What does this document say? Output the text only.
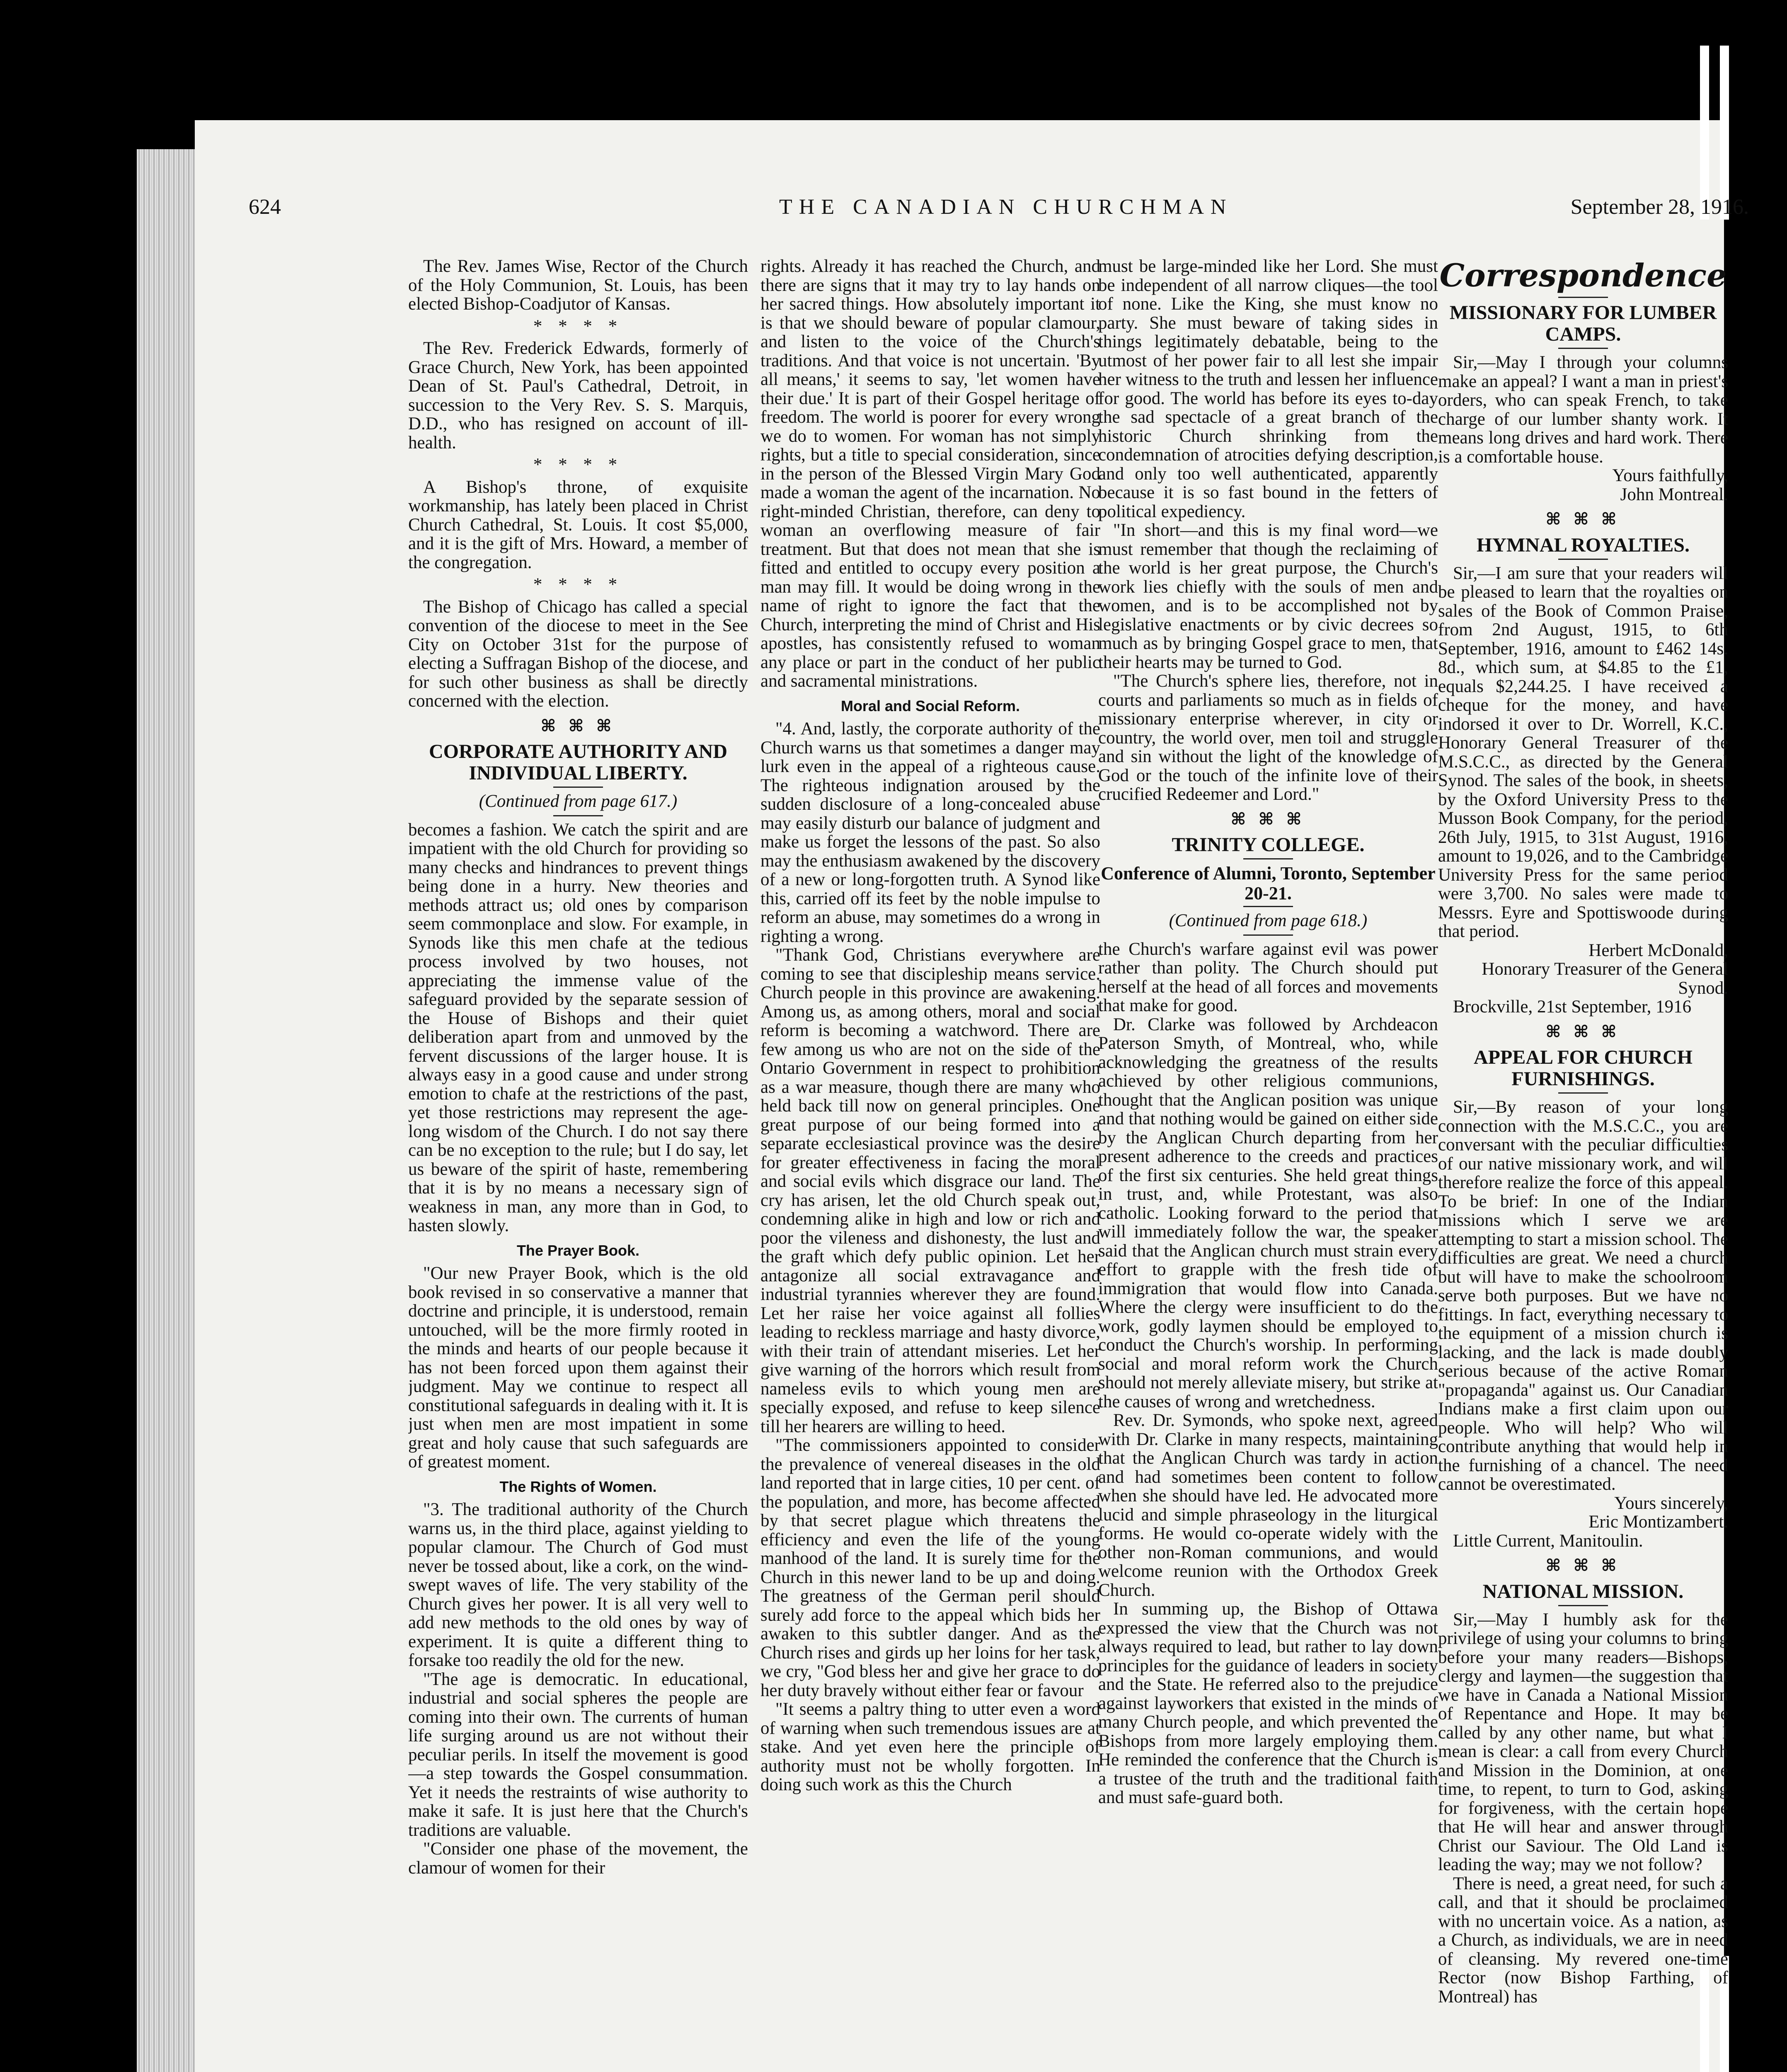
624	THE CANADIAN CHURCHMAN	September 28, 1916.

The Rev. James Wise, Rector of the Church of the Holy Communion, St. Louis, has been elected Bishop-Coadjutor of Kansas.

* * * *

The Rev. Frederick Edwards, formerly of Grace Church, New York, has been appointed Dean of St. Paul's Cathedral, Detroit, in succession to the Very Rev. S. S. Marquis, D.D., who has resigned on account of ill-health.

* * * *

A Bishop's throne, of exquisite workmanship, has lately been placed in Christ Church Cathedral, St. Louis. It cost $5,000, and it is the gift of Mrs. Howard, a member of the congregation.

* * * *

The Bishop of Chicago has called a special convention of the diocese to meet in the See City on October 31st for the purpose of electing a Suffragan Bishop of the diocese, and for such other business as shall be directly concerned with the election.

⌘ ⌘ ⌘
CORPORATE AUTHORITY AND INDIVIDUAL LIBERTY.
(Continued from page 617.)

becomes a fashion. We catch the spirit and are impatient with the old Church for providing so many checks and hindrances to prevent things being done in a hurry. New theories and methods attract us; old ones by comparison seem commonplace and slow. For example, in Synods like this men chafe at the tedious process involved by two houses, not appreciating the immense value of the safeguard provided by the separate session of the House of Bishops and their quiet deliberation apart from and unmoved by the fervent discussions of the larger house. It is always easy in a good cause and under strong emotion to chafe at the restrictions of the past, yet those restrictions may represent the age-long wisdom of the Church. I do not say there can be no exception to the rule; but I do say, let us beware of the spirit of haste, remembering that it is by no means a necessary sign of weakness in man, any more than in God, to hasten slowly.

The Prayer Book.

"Our new Prayer Book, which is the old book revised in so conservative a manner that doctrine and principle, it is understood, remain untouched, will be the more firmly rooted in the minds and hearts of our people because it has not been forced upon them against their judgment. May we continue to respect all constitutional safeguards in dealing with it. It is just when men are most impatient in some great and holy cause that such safeguards are of greatest moment.

The Rights of Women.

"3. The traditional authority of the Church warns us, in the third place, against yielding to popular clamour. The Church of God must never be tossed about, like a cork, on the wind-swept waves of life. The very stability of the Church gives her power. It is all very well to add new methods to the old ones by way of experiment. It is quite a different thing to forsake too readily the old for the new.

"The age is democratic. In educational, industrial and social spheres the people are coming into their own. The currents of human life surging around us are not without their peculiar perils. In itself the movement is good—a step towards the Gospel consummation. Yet it needs the restraints of wise authority to make it safe. It is just here that the Church's traditions are valuable.

"Consider one phase of the movement, the clamour of women for their

rights. Already it has reached the Church, and there are signs that it may try to lay hands on her sacred things. How absolutely important it is that we should beware of popular clamour, and listen to the voice of the Church's traditions. And that voice is not uncertain. 'By all means,' it seems to say, 'let women have their due.' It is part of their Gospel heritage of freedom. The world is poorer for every wrong we do to women. For woman has not simply rights, but a title to special consideration, since in the person of the Blessed Virgin Mary God made a woman the agent of the incarnation. No right-minded Christian, therefore, can deny to woman an overflowing measure of fair treatment. But that does not mean that she is fitted and entitled to occupy every position a man may fill. It would be doing wrong in the name of right to ignore the fact that the Church, interpreting the mind of Christ and His apostles, has consistently refused to woman any place or part in the conduct of her public and sacramental ministrations.

Moral and Social Reform.

"4. And, lastly, the corporate authority of the Church warns us that sometimes a danger may lurk even in the appeal of a righteous cause. The righteous indignation aroused by the sudden disclosure of a long-concealed abuse may easily disturb our balance of judgment and make us forget the lessons of the past. So also may the enthusiasm awakened by the discovery of a new or long-forgotten truth. A Synod like this, carried off its feet by the noble impulse to reform an abuse, may sometimes do a wrong in righting a wrong.

"Thank God, Christians everywhere are coming to see that discipleship means service. Church people in this province are awakening. Among us, as among others, moral and social reform is becoming a watchword. There are few among us who are not on the side of the Ontario Government in respect to prohibition as a war measure, though there are many who held back till now on general principles. One great purpose of our being formed into a separate ecclesiastical province was the desire for greater effectiveness in facing the moral and social evils which disgrace our land. The cry has arisen, let the old Church speak out, condemning alike in high and low or rich and poor the vileness and dishonesty, the lust and the graft which defy public opinion. Let her antagonize all social extravagance and industrial tyrannies wherever they are found. Let her raise her voice against all follies leading to reckless marriage and hasty divorce, with their train of attendant miseries. Let her give warning of the horrors which result from nameless evils to which young men are specially exposed, and refuse to keep silence till her hearers are willing to heed.

"The commissioners appointed to consider the prevalence of venereal diseases in the old land reported that in large cities, 10 per cent. of the population, and more, has become affected by that secret plague which threatens the efficiency and even the life of the young manhood of the land. It is surely time for the Church in this newer land to be up and doing. The greatness of the German peril should surely add force to the appeal which bids her awaken to this subtler danger. And as the Church rises and girds up her loins for her task, we cry, "God bless her and give her grace to do her duty bravely without either fear or favour

"It seems a paltry thing to utter even a word of warning when such tremendous issues are at stake. And yet even here the principle of authority must not be wholly forgotten. In doing such work as this the Church

must be large-minded like her Lord. She must be independent of all narrow cliques—the tool of none. Like the King, she must know no party. She must beware of taking sides in things legitimately debatable, being to the utmost of her power fair to all lest she impair her witness to the truth and lessen her influence for good. The world has before its eyes to-day the sad spectacle of a great branch of the historic Church shrinking from the condemnation of atrocities defying description, and only too well authenticated, apparently because it is so fast bound in the fetters of political expediency.

"In short—and this is my final word—we must remember that though the reclaiming of the world is her great purpose, the Church's work lies chiefly with the souls of men and women, and is to be accomplished not by legislative enactments or by civic decrees so much as by bringing Gospel grace to men, that their hearts may be turned to God.

"The Church's sphere lies, therefore, not in courts and parliaments so much as in fields of missionary enterprise wherever, in city or country, the world over, men toil and struggle and sin without the light of the knowledge of God or the touch of the infinite love of their crucified Redeemer and Lord."

⌘ ⌘ ⌘
TRINITY COLLEGE.
Conference of Alumni, Toronto, September 20-21.
(Continued from page 618.)

the Church's warfare against evil was power rather than polity. The Church should put herself at the head of all forces and movements that make for good.

Dr. Clarke was followed by Archdeacon Paterson Smyth, of Montreal, who, while acknowledging the greatness of the results achieved by other religious communions, thought that the Anglican position was unique and that nothing would be gained on either side by the Anglican Church departing from her present adherence to the creeds and practices of the first six centuries. She held great things in trust, and, while Protestant, was also catholic. Looking forward to the period that will immediately follow the war, the speaker said that the Anglican church must strain every effort to grapple with the fresh tide of immigration that would flow into Canada. Where the clergy were insufficient to do the work, godly laymen should be employed to conduct the Church's worship. In performing social and moral reform work the Church should not merely alleviate misery, but strike at the causes of wrong and wretchedness.

Rev. Dr. Symonds, who spoke next, agreed with Dr. Clarke in many respects, maintaining that the Anglican Church was tardy in action and had sometimes been content to follow when she should have led. He advocated more lucid and simple phraseology in the liturgical forms. He would co-operate widely with the other non-Roman communions, and would welcome reunion with the Orthodox Greek Church.

In summing up, the Bishop of Ottawa expressed the view that the Church was not always required to lead, but rather to lay down principles for the guidance of leaders in society and the State. He referred also to the prejudice against layworkers that existed in the minds of many Church people, and which prevented the Bishops from more largely employing them. He reminded the conference that the Church is a trustee of the truth and the traditional faith and must safe-guard both.

Correspondence
MISSIONARY FOR LUMBER CAMPS.

Sir,—May I through your columns make an appeal? I want a man in priest's orders, who can speak French, to take charge of our lumber shanty work. It means long drives and hard work. There is a comfortable house.

Yours faithfully,

John Montreal.

⌘ ⌘ ⌘
HYMNAL ROYALTIES.

Sir,—I am sure that your readers will be pleased to learn that the royalties on sales of the Book of Common Praise, from 2nd August, 1915, to 6th September, 1916, amount to £462 14s. 8d., which sum, at $4.85 to the £1, equals $2,244.25. I have received a cheque for the money, and have indorsed it over to Dr. Worrell, K.C., Honorary General Treasurer of the M.S.C.C., as directed by the General Synod. The sales of the book, in sheets, by the Oxford University Press to the Musson Book Company, for the period, 26th July, 1915, to 31st August, 1916, amount to 19,026, and to the Cambridge University Press for the same period were 3,700. No sales were made to Messrs. Eyre and Spottiswoode during that period.

Herbert McDonald,

Honorary Treasurer of the General Synod.

Brockville, 21st September, 1916

⌘ ⌘ ⌘
APPEAL FOR CHURCH FURNISHINGS.

Sir,—By reason of your long connection with the M.S.C.C., you are conversant with the peculiar difficulties of our native missionary work, and will therefore realize the force of this appeal. To be brief: In one of the Indian missions which I serve we are attempting to start a mission school. The difficulties are great. We need a church but will have to make the schoolroom serve both purposes. But we have no fittings. In fact, everything necessary to the equipment of a mission church is lacking, and the lack is made doubly serious because of the active Roman "propaganda" against us. Our Canadian Indians make a first claim upon our people. Who will help? Who will contribute anything that would help in the furnishing of a chancel. The need cannot be overestimated.

Yours sincerely,

Eric Montizambert.

Little Current, Manitoulin.

⌘ ⌘ ⌘
NATIONAL MISSION.

Sir,—May I humbly ask for the privilege of using your columns to bring before your many readers—Bishops, clergy and laymen—the suggestion that we have in Canada a National Mission of Repentance and Hope. It may be called by any other name, but what I mean is clear: a call from every Church and Mission in the Dominion, at one time, to repent, to turn to God, asking for forgiveness, with the certain hope that He will hear and answer through Christ our Saviour. The Old Land is leading the way; may we not follow?

There is need, a great need, for such a call, and that it should be proclaimed with no uncertain voice. As a nation, as a Church, as individuals, we are in need of cleansing. My revered one-time Rector (now Bishop Farthing, of Montreal) has
